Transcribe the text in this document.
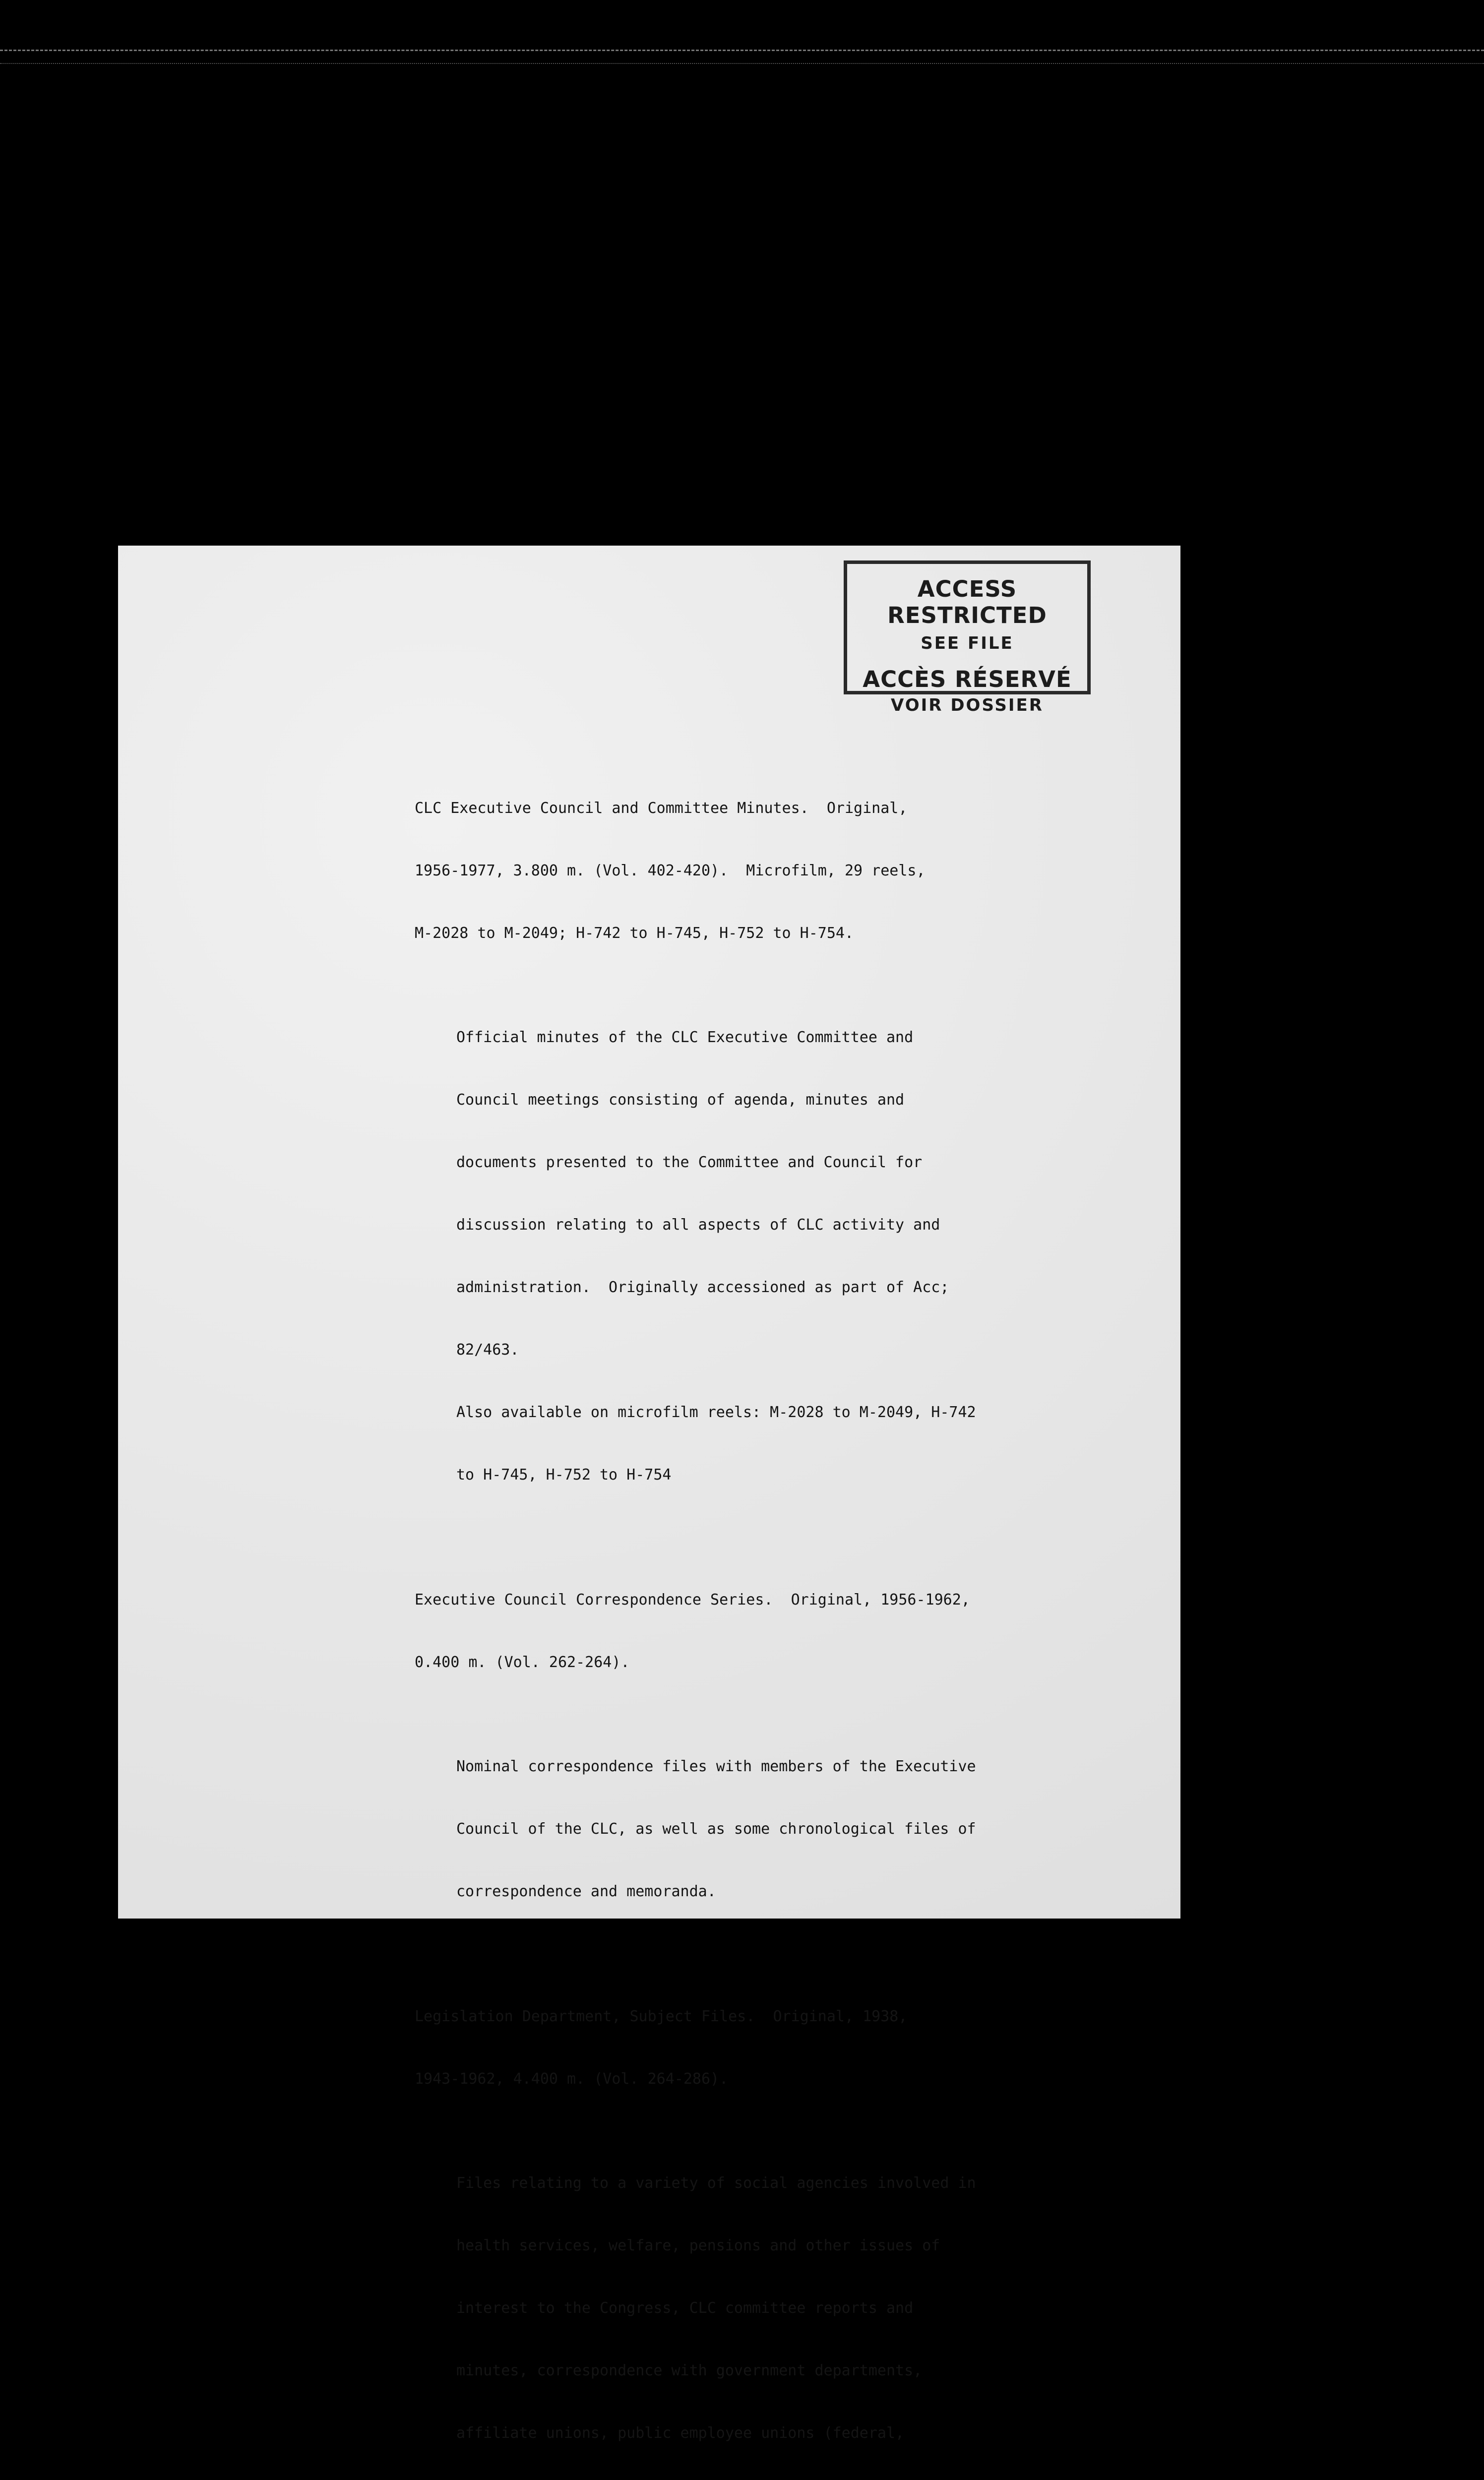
ACCESS RESTRICTED
SEE FILE
ACCÈS RÉSERVÉ
VOIR DOSSIER

CLC Executive Council and Committee Minutes.  Original,

1956-1977, 3.800 m. (Vol. 402-420).  Microfilm, 29 reels,

M-2028 to M-2049; H-742 to H-745, H-752 to H-754.

Official minutes of the CLC Executive Committee and

Council meetings consisting of agenda, minutes and

documents presented to the Committee and Council for

discussion relating to all aspects of CLC activity and

administration.  Originally accessioned as part of Acc;

82/463.

Also available on microfilm reels: M-2028 to M-2049, H-742

to H-745, H-752 to H-754

Executive Council Correspondence Series.  Original, 1956-1962,

0.400 m. (Vol. 262-264).

Nominal correspondence files with members of the Executive

Council of the CLC, as well as some chronological files of

correspondence and memoranda.

Legislation Department, Subject Files.  Original, 1938,

1943-1962, 4.400 m. (Vol. 264-286).

Files relating to a variety of social agencies involved in

health services, welfare, pensions and other issues of

interest to the Congress, CLC committee reports and

minutes, correspondence with government departments,

affiliate unions, public employee unions (federal,
